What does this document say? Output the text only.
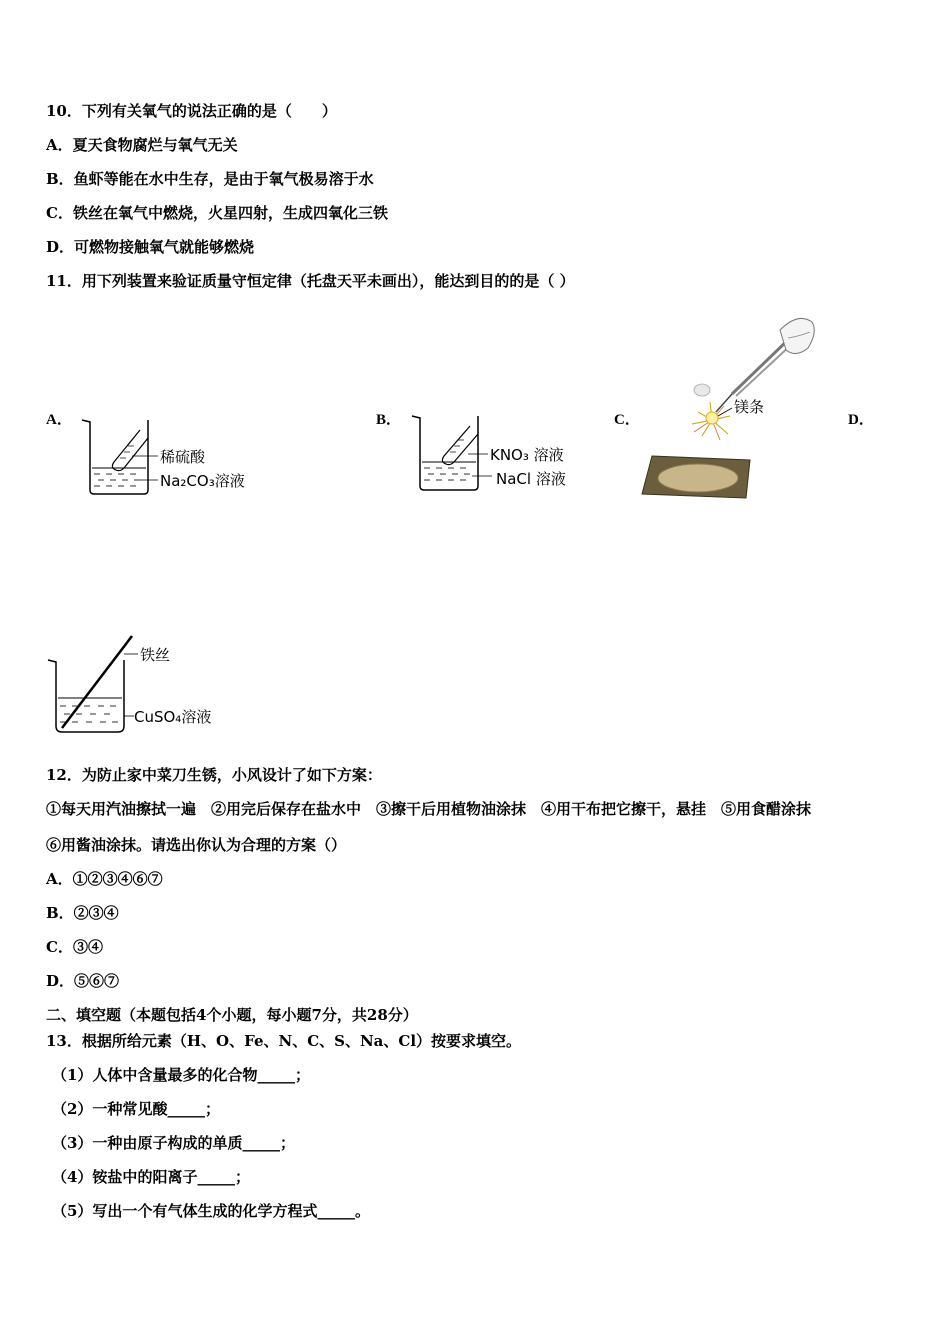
10．下列有关氧气的说法正确的是（　　）
A．夏天食物腐烂与氧气无关
B．鱼虾等能在水中生存，是由于氧气极易溶于水
C．铁丝在氧气中燃烧，火星四射，生成四氧化三铁
D．可燃物接触氧气就能够燃烧
11．用下列装置来验证质量守恒定律（托盘天平未画出），能达到目的的是（ ）
A．	B．	C．	D．
稀硫酸
Na₂CO₃溶液
KNO₃ 溶液
NaCl 溶液
镁条
铁丝
CuSO₄溶液
12．为防止家中菜刀生锈，小风设计了如下方案：
①每天用汽油擦拭一遍　②用完后保存在盐水中　③擦干后用植物油涂抹　④用干布把它擦干，悬挂　⑤用食醋涂抹
⑥用酱油涂抹。请选出你认为合理的方案（）
A．①②③④⑥⑦
B．②③④
C．③④
D．⑤⑥⑦
二、填空题（本题包括4个小题，每小题7分，共28分）
13．根据所给元素（H、O、Fe、N、C、S、Na、Cl）按要求填空。
（1）人体中含量最多的化合物_____；
（2）一种常见酸_____；
（3）一种由原子构成的单质_____；
（4）铵盐中的阳离子_____；
（5）写出一个有气体生成的化学方程式_____。
